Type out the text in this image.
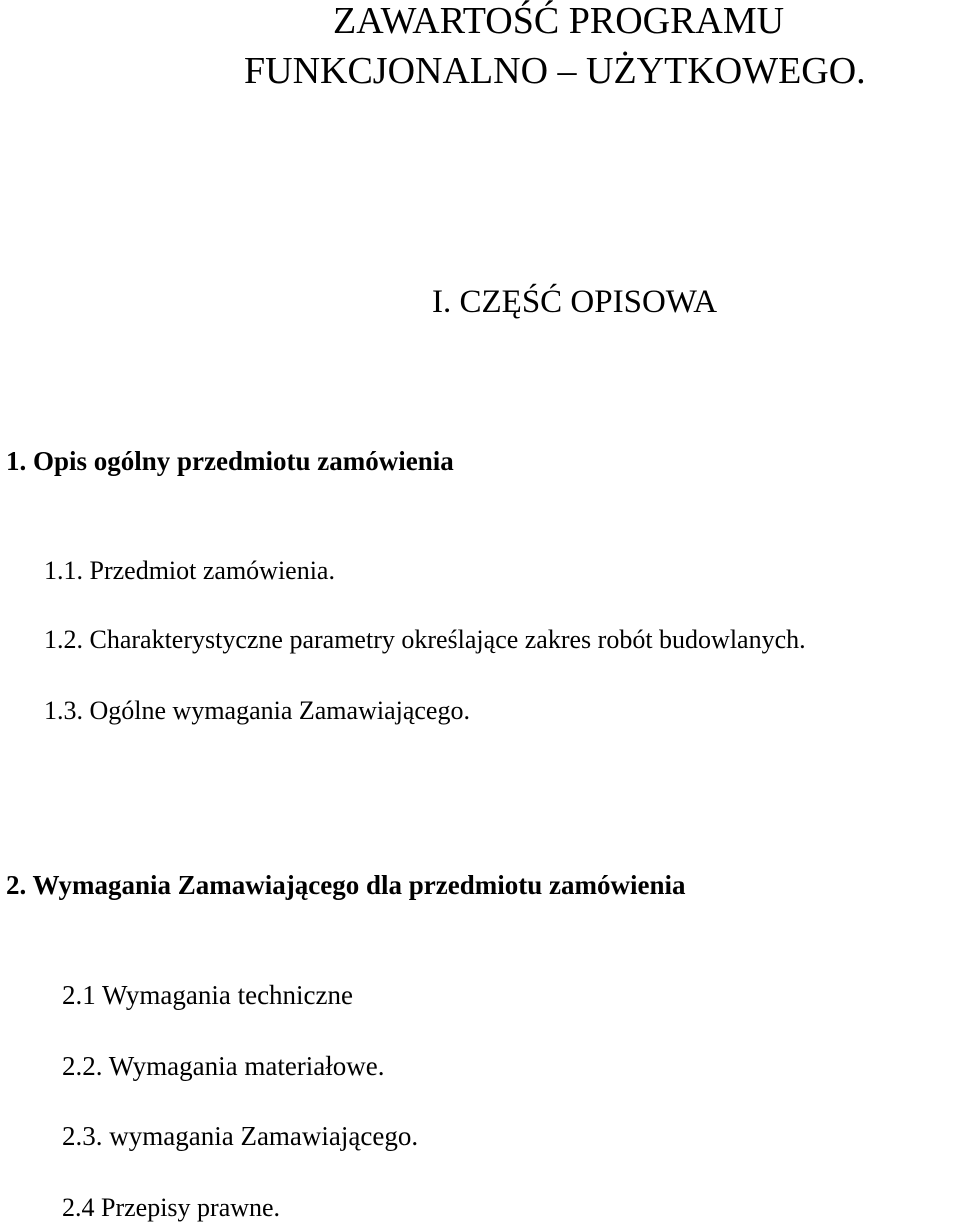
ZAWARTOŚĆ PROGRAMU
FUNKCJONALNO – UŻYTKOWEGO.
I. CZĘŚĆ OPISOWA
1. Opis ogólny przedmiotu zamówienia

1.1. Przedmiot zamówienia.

1.2. Charakterystyczne parametry określające zakres robót budowlanych.

1.3. Ogólne wymagania Zamawiającego.

2. Wymagania Zamawiającego dla przedmiotu zamówienia

2.1 Wymagania techniczne

2.2. Wymagania materiałowe.

2.3. wymagania Zamawiającego.

2.4 Przepisy prawne.
